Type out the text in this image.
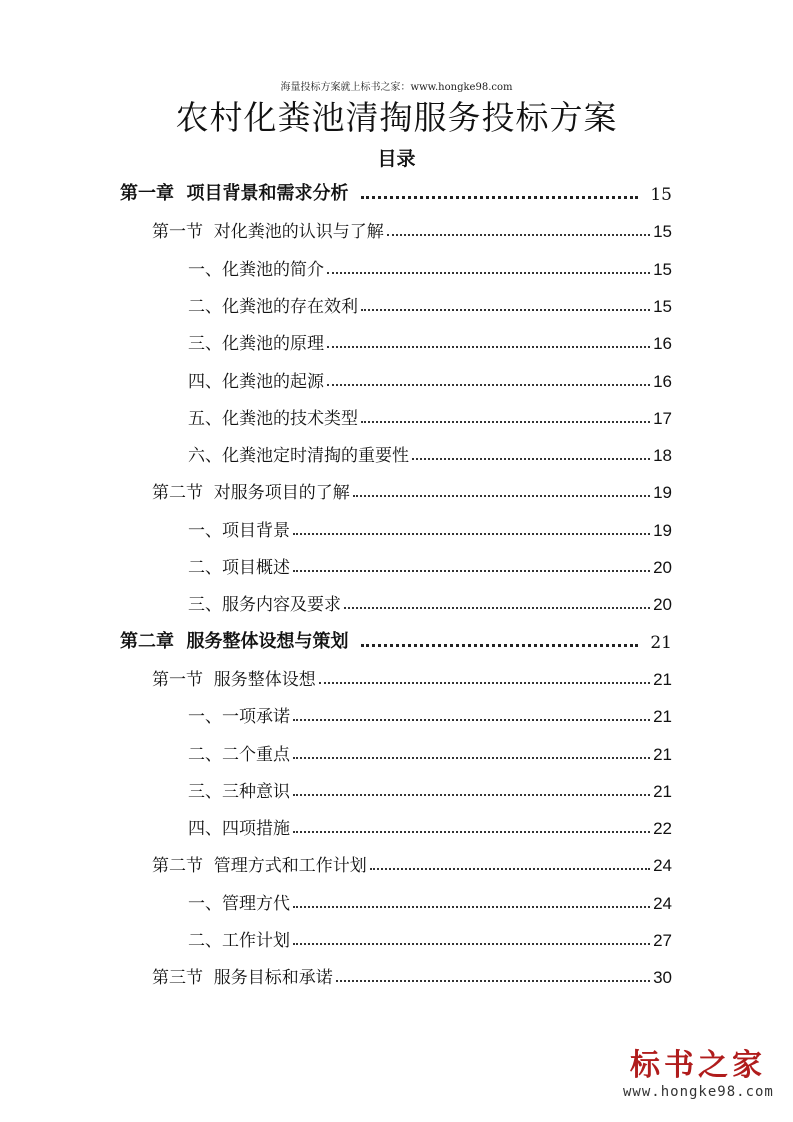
海量投标方案就上标书之家：www.hongke98.com
农村化粪池清掏服务投标方案
目录
第一章  项目背景和需求分析	15
第一节  对化粪池的认识与了解	15
一、化粪池的简介	15
二、化粪池的存在效利	15
三、化粪池的原理	16
四、化粪池的起源	16
五、化粪池的技术类型	17
六、化粪池定时清掏的重要性	18
第二节  对服务项目的了解	19
一、项目背景	19
二、项目概述	20
三、服务内容及要求	20
第二章  服务整体设想与策划	21
第一节  服务整体设想	21
一、一项承诺	21
二、二个重点	21
三、三种意识	21
四、四项措施	22
第二节  管理方式和工作计划	24
一、管理方代	24
二、工作计划	27
第三节  服务目标和承诺	30
标书之家
www.hongke98.com
